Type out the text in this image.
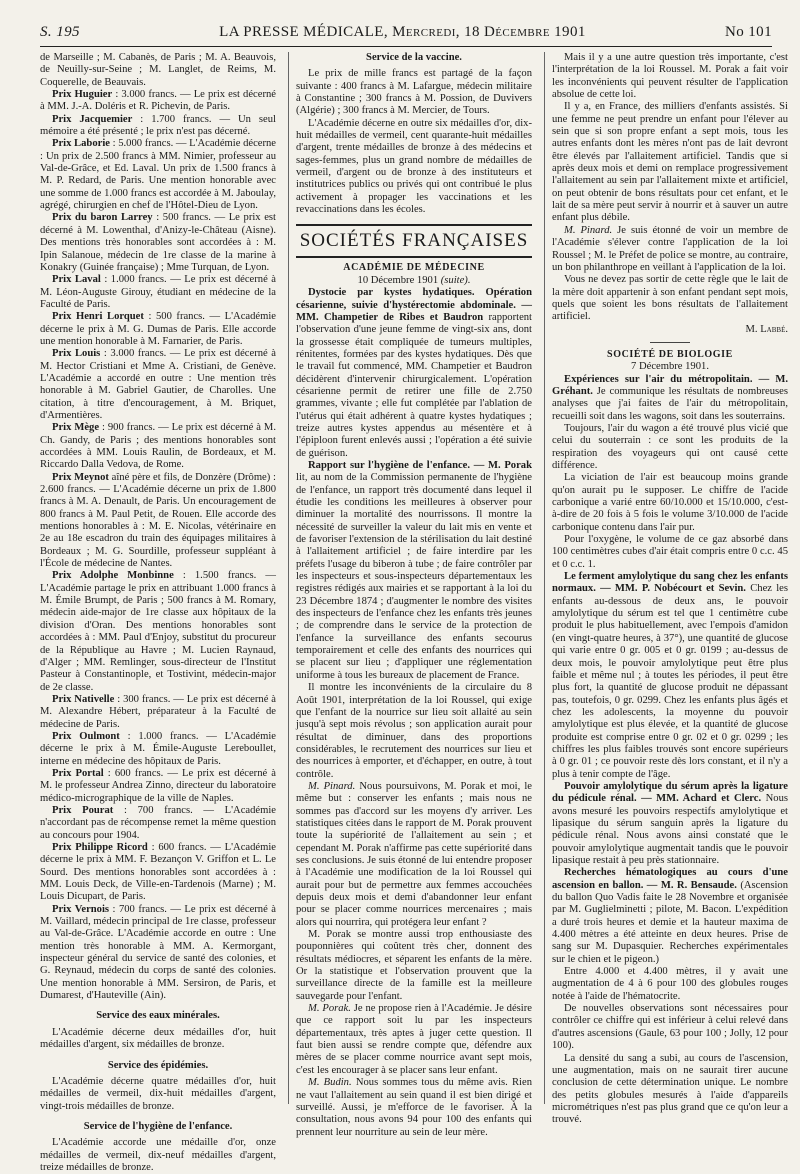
S. 195	LA PRESSE MÉDICALE, Mercredi, 18 Décembre 1901	No 101

de Marseille ; M. Cabanès, de Paris ; M. A. Beauvois, de Neuilly-sur-Seine ; M. Langlet, de Reims, M. Coquerelle, de Beauvais.

Prix Huguier : 3.000 francs. — Le prix est décerné à MM. J.-A. Doléris et R. Pichevin, de Paris.

Prix Jacquemier : 1.700 francs. — Un seul mémoire a été présenté ; le prix n'est pas décerné.

Prix Laborie : 5.000 francs. — L'Académie décerne : Un prix de 2.500 francs à MM. Nimier, professeur au Val-de-Grâce, et Ed. Laval. Un prix de 1.500 francs à M. P. Redard, de Paris. Une mention honorable avec une somme de 1.000 francs est accordée à M. Jaboulay, agrégé, chirurgien en chef de l'Hôtel-Dieu de Lyon.

Prix du baron Larrey : 500 francs. — Le prix est décerné à M. Lowenthal, d'Anizy-le-Château (Aisne). Des mentions très honorables sont accordées à : M. Ipin Salanoue, médecin de 1re classe de la marine à Konakry (Guinée française) ; Mme Turquan, de Lyon.

Prix Laval : 1.000 francs. — Le prix est décerné à M. Léon-Auguste Girouy, étudiant en médecine de la Faculté de Paris.

Prix Henri Lorquet : 500 francs. — L'Académie décerne le prix à M. G. Dumas de Paris. Elle accorde une mention honorable à M. Farnarier, de Paris.

Prix Louis : 3.000 francs. — Le prix est décerné à M. Hector Cristiani et Mme A. Cristiani, de Genève. L'Académie a accordé en outre : Une mention très honorable à M. Gabriel Gautier, de Charolles. Une citation, à titre d'encouragement, à M. Briquet, d'Armentières.

Prix Mège : 900 francs. — Le prix est décerné à M. Ch. Gandy, de Paris ; des mentions honorables sont accordées à MM. Louis Raulin, de Bordeaux, et M. Riccardo Dalla Vedova, de Rome.

Prix Meynot aîné père et fils, de Donzère (Drôme) : 2.600 francs. — L'Académie décerne un prix de 1.800 francs à M. A. Denault, de Paris. Un encouragement de 800 francs à M. Paul Petit, de Rouen. Elle accorde des mentions honorables à : M. E. Nicolas, vétérinaire en 2e au 18e escadron du train des équipages militaires à Bordeaux ; M. G. Sourdille, professeur suppléant à l'École de médecine de Nantes.

Prix Adolphe Monbinne : 1.500 francs. — L'Académie partage le prix en attribuant 1.000 francs à M. Émile Brumpt, de Paris ; 500 francs à M. Romary, médecin aide-major de 1re classe aux hôpitaux de la division d'Oran. Des mentions honorables sont accordées à : MM. Paul d'Enjoy, substitut du procureur de la République au Havre ; M. Lucien Raynaud, d'Alger ; MM. Remlinger, sous-directeur de l'Institut Pasteur à Constantinople, et Tostivint, médecin-major de 2e classe.

Prix Nativelle : 300 francs. — Le prix est décerné à M. Alexandre Hébert, préparateur à la Faculté de médecine de Paris.

Prix Oulmont : 1.000 francs. — L'Académie décerne le prix à M. Émile-Auguste Lereboullet, interne en médecine des hôpitaux de Paris.

Prix Portal : 600 francs. — Le prix est décerné à M. le professeur Andrea Zinno, directeur du laboratoire médico-micrographique de la ville de Naples.

Prix Pourat : 700 francs. — L'Académie n'accordant pas de récompense remet la même question au concours pour 1904.

Prix Philippe Ricord : 600 francs. — L'Académie décerne le prix à MM. F. Bezançon V. Griffon et L. Le Sourd. Des mentions honorables sont accordées à : MM. Louis Deck, de Ville-en-Tardenois (Marne) ; M. Louis Dicupart, de Paris.

Prix Vernois : 700 francs. — Le prix est décerné à M. Vaillard, médecin principal de 1re classe, professeur au Val-de-Grâce. L'Académie accorde en outre : Une mention très honorable à MM. A. Kermorgant, inspecteur général du service de santé des colonies, et G. Reynaud, médecin du corps de santé des colonies. Une mention honorable à MM. Sersiron, de Paris, et Dumarest, d'Hauteville (Ain).

Service des eaux minérales.

L'Académie décerne deux médailles d'or, huit médailles d'argent, six médailles de bronze.

Service des épidémies.

L'Académie décerne quatre médailles d'or, huit médailles de vermeil, dix-huit médailles d'argent, vingt-trois médailles de bronze.

Service de l'hygiène de l'enfance.

L'Académie accorde une médaille d'or, onze médailles de vermeil, dix-neuf médailles d'argent, treize médailles de bronze.

Service de la vaccine.

Le prix de mille francs est partagé de la façon suivante : 400 francs à M. Lafargue, médecin militaire à Constantine ; 300 francs à M. Possion, de Duvivers (Algérie) ; 300 francs à M. Mercier, de Tours.

L'Académie décerne en outre six médailles d'or, dix-huit médailles de vermeil, cent quarante-huit médailles d'argent, trente médailles de bronze à des médecins et sages-femmes, plus un grand nombre de médailles de vermeil, d'argent ou de bronze à des instituteurs et institutrices publics ou privés qui ont contribué le plus activement à propager les vaccinations et les revaccinations dans les écoles.

SOCIÉTÉS FRANÇAISES

ACADÉMIE DE MÉDECINE

10 Décembre 1901 (suite).

Dystocie par kystes hydatiques. Opération césarienne, suivie d'hystérectomie abdominale. — MM. Champetier de Ribes et Baudron rapportent l'observation d'une jeune femme de vingt-six ans, dont la grossesse était compliquée de tumeurs multiples, rénitentes, formées par des kystes hydatiques. Dès que le travail fut commencé, MM. Champetier et Baudron décidèrent d'intervenir chirurgicalement. L'opération césarienne permit de retirer une fille de 2.750 grammes, vivante ; elle fut complétée par l'ablation de l'utérus qui était adhérent à quatre kystes hydatiques ; treize autres kystes appendus au mésentère et à l'épiploon furent enlevés aussi ; l'opération a été suivie de guérison.

Rapport sur l'hygiène de l'enfance. — M. Porak lit, au nom de la Commission permanente de l'hygiène de l'enfance, un rapport très documenté dans lequel il étudie les conditions les meilleures à observer pour diminuer la mortalité des nourrissons. Il montre la nécessité de surveiller la valeur du lait mis en vente et de favoriser l'extension de la stérilisation du lait destiné à l'allaitement artificiel ; de faire interdire par les préfets l'usage du biberon à tube ; de faire contrôler par les inspecteurs et sous-inspecteurs départementaux les registres rédigés aux mairies et se rapportant à la loi du 23 Décembre 1874 ; d'augmenter le nombre des visites des inspecteurs de l'enfance chez les enfants très jeunes ; de comprendre dans le service de la protection de l'enfance la surveillance des enfants secourus temporairement et celle des enfants des nourrices qui se placent sur lieu ; d'appliquer une réglementation uniforme à tous les bureaux de placement de France.

Il montre les inconvénients de la circulaire du 8 Août 1901, interprétation de la loi Roussel, qui exige que l'enfant de la nourrice sur lieu soit allaité au sein jusqu'à sept mois révolus ; son application aurait pour résultat de diminuer, dans des proportions considérables, le recrutement des nourrices sur lieu et des nourrices à emporter, et d'échapper, en outre, à tout contrôle.

M. Pinard. Nous poursuivons, M. Porak et moi, le même but : conserver les enfants ; mais nous ne sommes pas d'accord sur les moyens d'y arriver. Les statistiques citées dans le rapport de M. Porak prouvent toute la supériorité de l'allaitement au sein ; et cependant M. Porak n'affirme pas cette supériorité dans ses conclusions. Je suis étonné de lui entendre proposer à l'Académie une modification de la loi Roussel qui aurait pour but de permettre aux femmes accouchées depuis deux mois et demi d'abandonner leur enfant pour se placer comme nourrices mercenaires ; mais alors qui nourrira, qui protégera leur enfant ?

M. Porak se montre aussi trop enthousiaste des pouponnières qui coûtent très cher, donnent des résultats médiocres, et séparent les enfants de la mère. Or la statistique et l'observation prouvent que la surveillance directe de la famille est la meilleure sauvegarde pour l'enfant.

M. Porak. Je ne propose rien à l'Académie. Je désire que ce rapport soit lu par les inspecteurs départementaux, très aptes à juger cette question. Il faut bien aussi se rendre compte que, défendre aux mères de se placer comme nourrice avant sept mois, c'est les encourager à se placer sans leur enfant.

M. Budin. Nous sommes tous du même avis. Rien ne vaut l'allaitement au sein quand il est bien dirigé et surveillé. Aussi, je m'efforce de le favoriser. À la consultation, nous avons 94 pour 100 des enfants qui prennent leur nourriture au sein de leur mère.

Mais il y a une autre question très importante, c'est l'interprétation de la loi Roussel. M. Porak a fait voir les inconvénients qui peuvent résulter de l'application absolue de cette loi.

Il y a, en France, des milliers d'enfants assistés. Si une femme ne peut prendre un enfant pour l'élever au sein que si son propre enfant a sept mois, tous les autres enfants dont les mères n'ont pas de lait devront être élevés par l'allaitement artificiel. Tandis que si après deux mois et demi on remplace progressivement l'allaitement au sein par l'allaitement mixte et artificiel, on peut obtenir de bons résultats pour cet enfant, et le lait de sa mère peut servir à nourrir et à sauver un autre enfant plus débile.

M. Pinard. Je suis étonné de voir un membre de l'Académie s'élever contre l'application de la loi Roussel ; M. le Préfet de police se montre, au contraire, un bon philanthrope en veillant à l'application de la loi.

Vous ne devez pas sortir de cette règle que le lait de la mère doit appartenir à son enfant pendant sept mois, quels que soient les bons résultats de l'allaitement artificiel.

M. Labbé.

SOCIÉTÉ DE BIOLOGIE

7 Décembre 1901.

Expériences sur l'air du métropolitain. — M. Gréhant. Je communique les résultats de nombreuses analyses que j'ai faites de l'air du métropolitain, recueilli soit dans les wagons, soit dans les souterrains.

Toujours, l'air du wagon a été trouvé plus vicié que celui du souterrain : ce sont les produits de la respiration des voyageurs qui ont causé cette différence.

La viciation de l'air est beaucoup moins grande qu'on aurait pu le supposer. Le chiffre de l'acide carbonique a varié entre 60/10.000 et 15/10.000, c'est-à-dire de 20 fois à 5 fois le volume 3/10.000 de l'acide carbonique contenu dans l'air pur.

Pour l'oxygène, le volume de ce gaz absorbé dans 100 centimètres cubes d'air était compris entre 0 c.c. 45 et 0 c.c. 1.

Le ferment amylolytique du sang chez les enfants normaux. — MM. P. Nobécourt et Sevin. Chez les enfants au-dessous de deux ans, le pouvoir amylolytique du sérum est tel que 1 centimètre cube produit le plus habituellement, avec l'empois d'amidon (en vingt-quatre heures, à 37°), une quantité de glucose qui varie entre 0 gr. 005 et 0 gr. 0199 ; au-dessus de deux mois, le pouvoir amylolytique peut être plus faible et même nul ; à toutes les périodes, il peut être plus fort, la quantité de glucose produit ne dépassant pas, toutefois, 0 gr. 0299. Chez les enfants plus âgés et chez les adolescents, la moyenne du pouvoir amylolytique est plus élevée, et la quantité de glucose produite est comprise entre 0 gr. 02 et 0 gr. 0299 ; les chiffres les plus faibles trouvés sont encore supérieurs à 0 gr. 01 ; ce pouvoir reste dès lors constant, et il n'y a plus à tenir compte de l'âge.

Pouvoir amylolytique du sérum après la ligature du pédicule rénal. — MM. Achard et Clerc. Nous avons mesuré les pouvoirs respectifs amylolytique et lipasique du sérum sanguin après la ligature du pédicule rénal. Nous avons ainsi constaté que le pouvoir amylolytique augmentait tandis que le pouvoir lipasique restait à peu près stationnaire.

Recherches hématologiques au cours d'une ascension en ballon. — M. R. Bensaude. (Ascension du ballon Quo Vadis faite le 28 Novembre et organisée par M. Guglielminetti ; pilote, M. Bacon. L'expédition a duré trois heures et demie et la hauteur maxima de 4.400 mètres a été atteinte en deux heures. Prise de sang sur M. Dupasquier. Recherches expérimentales sur le chien et le pigeon.)

Entre 4.000 et 4.400 mètres, il y avait une augmentation de 4 à 6 pour 100 des globules rouges notée à l'aide de l'hématocrite.

De nouvelles observations sont nécessaires pour contrôler ce chiffre qui est inférieur à celui relevé dans d'autres ascensions (Gaule, 63 pour 100 ; Jolly, 12 pour 100).

La densité du sang a subi, au cours de l'ascension, une augmentation, mais on ne saurait tirer aucune conclusion de cette détermination unique. Le nombre des petits globules mesurés à l'aide d'appareils micrométriques n'est pas plus grand que ce qu'on leur a trouvé.
